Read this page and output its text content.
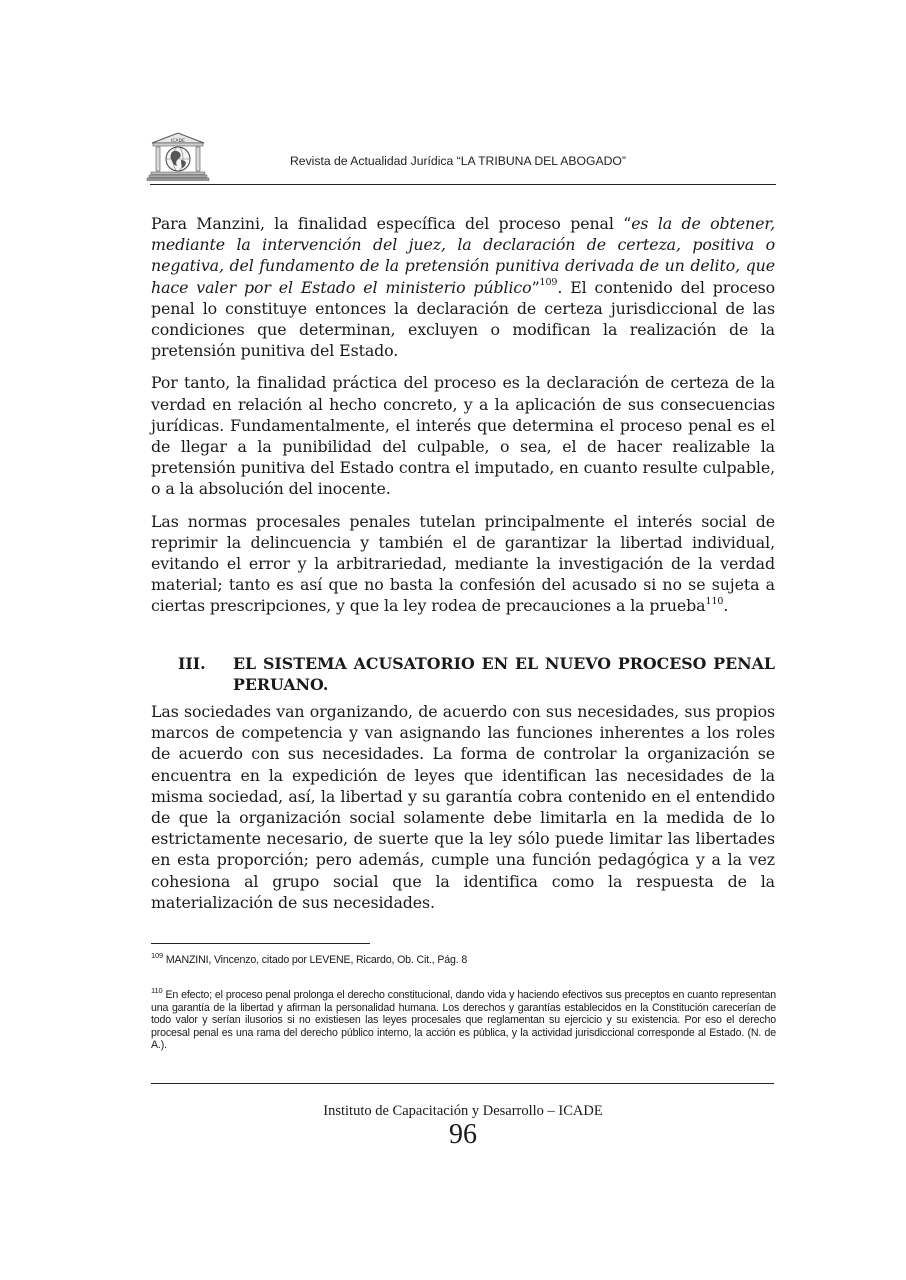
ICADE
Revista de Actualidad Jurídica “LA TRIBUNA DEL ABOGADO”

Para Manzini, la finalidad específica del proceso penal “es la de obtener, mediante la intervención del juez, la declaración de certeza, positiva o negativa, del fundamento de la pretensión punitiva derivada de un delito, que hace valer por el Estado el ministerio público”$^{109}$. El contenido del proceso penal lo constituye entonces la declaración de certeza jurisdiccional de las condiciones que determinan, excluyen o modifican la realización de la pretensión punitiva del Estado.

Por tanto, la finalidad práctica del proceso es la declaración de certeza de la verdad en relación al hecho concreto, y a la aplicación de sus consecuencias jurídicas. Fundamentalmente, el interés que determina el proceso penal es el de llegar a la punibilidad del culpable, o sea, el de hacer realizable la pretensión punitiva del Estado contra el imputado, en cuanto resulte culpable, o a la absolución del inocente.

Las normas procesales penales tutelan principalmente el interés social de reprimir la delincuencia y también el de garantizar la libertad individual, evitando el error y la arbitrariedad, mediante la investigación de la verdad material; tanto es así que no basta la confesión del acusado si no se sujeta a ciertas prescripciones, y que la ley rodea de precauciones a la prueba$^{110}$.

III. EL SISTEMA ACUSATORIO EN EL NUEVO PROCESO PENAL PERUANO.

Las sociedades van organizando, de acuerdo con sus necesidades, sus propios marcos de competencia y van asignando las funciones inherentes a los roles de acuerdo con sus necesidades. La forma de controlar la organización se encuentra en la expedición de leyes que identifican las necesidades de la misma sociedad, así, la libertad y su garantía cobra contenido en el entendido de que la organización social solamente debe limitarla en la medida de lo estrictamente necesario, de suerte que la ley sólo puede limitar las libertades en esta proporción; pero además, cumple una función pedagógica y a la vez cohesiona al grupo social que la identifica como la respuesta de la materialización de sus necesidades.

$^{109}$ MANZINI, Vincenzo, citado por LEVENE, Ricardo, Ob. Cit., Pág. 8
$^{110}$ En efecto; el proceso penal prolonga el derecho constitucional, dando vida y haciendo efectivos sus preceptos en cuanto representan una garantía de la libertad y afirman la personalidad humana. Los derechos y garantías establecidos en la Constitución carecerían de todo valor y serían ilusorios si no existiesen las leyes procesales que reglamentan su ejercicio y su existencia. Por eso el derecho procesal penal es una rama del derecho público interno, la acción es pública, y la actividad jurisdiccional corresponde al Estado. (N. de A.).
Instituto de Capacitación y Desarrollo – ICADE
96
